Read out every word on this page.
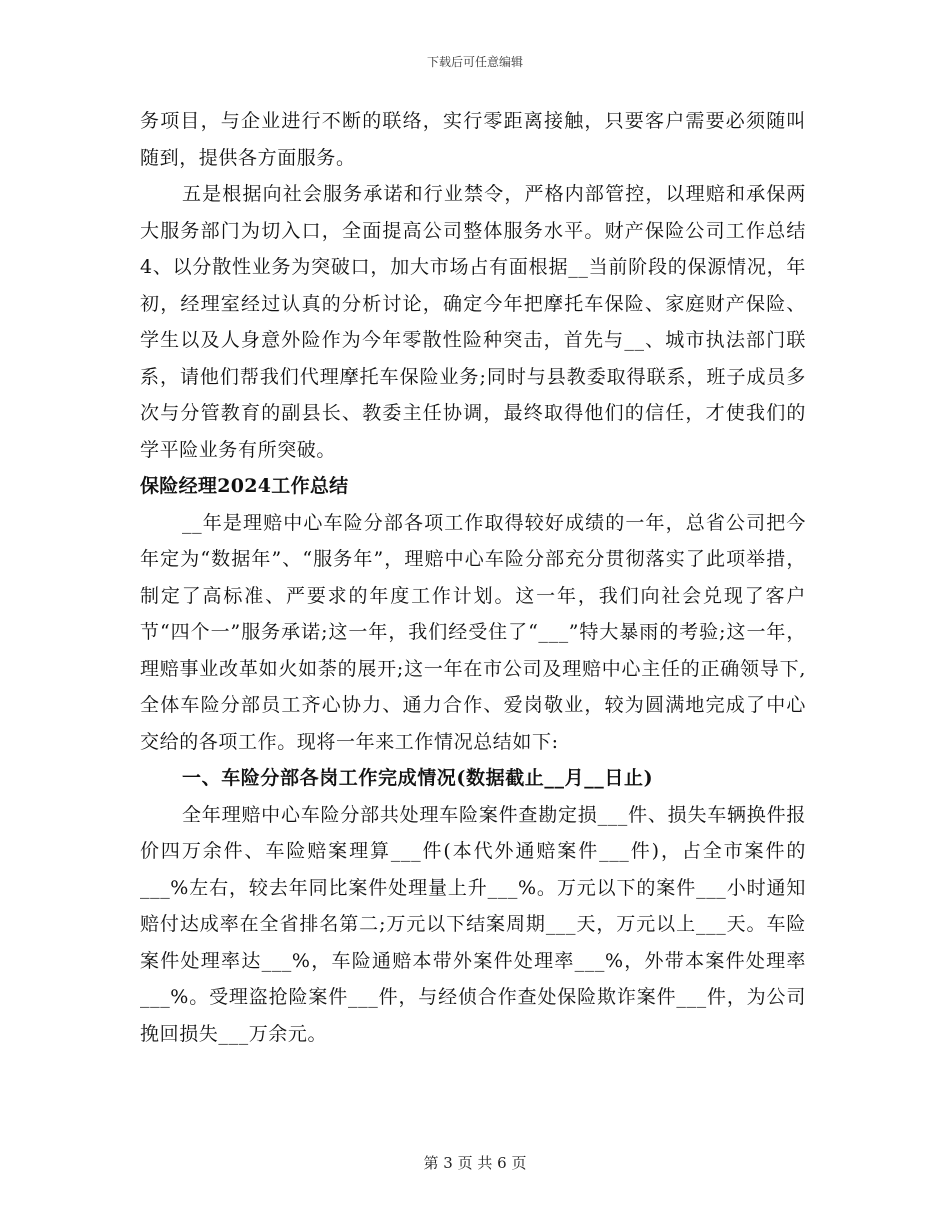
下载后可任意编辑

务项目，与企业进行不断的联络，实行零距离接触，只要客户需要必须随叫随到，提供各方面服务。

五是根据向社会服务承诺和行业禁令，严格内部管控，以理赔和承保两大服务部门为切入口，全面提高公司整体服务水平。财产保险公司工作总结4、以分散性业务为突破口，加大市场占有面根据__当前阶段的保源情况，年初，经理室经过认真的分析讨论，确定今年把摩托车保险、家庭财产保险、学生以及人身意外险作为今年零散性险种突击，首先与__、城市执法部门联系，请他们帮我们代理摩托车保险业务;同时与县教委取得联系，班子成员多次与分管教育的副县长、教委主任协调，最终取得他们的信任，才使我们的学平险业务有所突破。

保险经理2024工作总结

__年是理赔中心车险分部各项工作取得较好成绩的一年，总省公司把今年定为“数据年”、“服务年”，理赔中心车险分部充分贯彻落实了此项举措，制定了高标准、严要求的年度工作计划。这一年，我们向社会兑现了客户节“四个一”服务承诺;这一年，我们经受住了“___”特大暴雨的考验;这一年，理赔事业改革如火如荼的展开;这一年在市公司及理赔中心主任的正确领导下,全体车险分部员工齐心协力、通力合作、爱岗敬业，较为圆满地完成了中心交给的各项工作。现将一年来工作情况总结如下:

一、车险分部各岗工作完成情况(数据截止__月__日止)

全年理赔中心车险分部共处理车险案件查勘定损___件、损失车辆换件报价四万余件、车险赔案理算___件(本代外通赔案件___件)，占全市案件的___%左右，较去年同比案件处理量上升___%。万元以下的案件___小时通知赔付达成率在全省排名第二;万元以下结案周期___天，万元以上___天。车险案件处理率达___%，车险通赔本带外案件处理率___%，外带本案件处理率___%。受理盗抢险案件___件，与经侦合作查处保险欺诈案件___件，为公司挽回损失___万余元。

第 3 页 共 6 页
